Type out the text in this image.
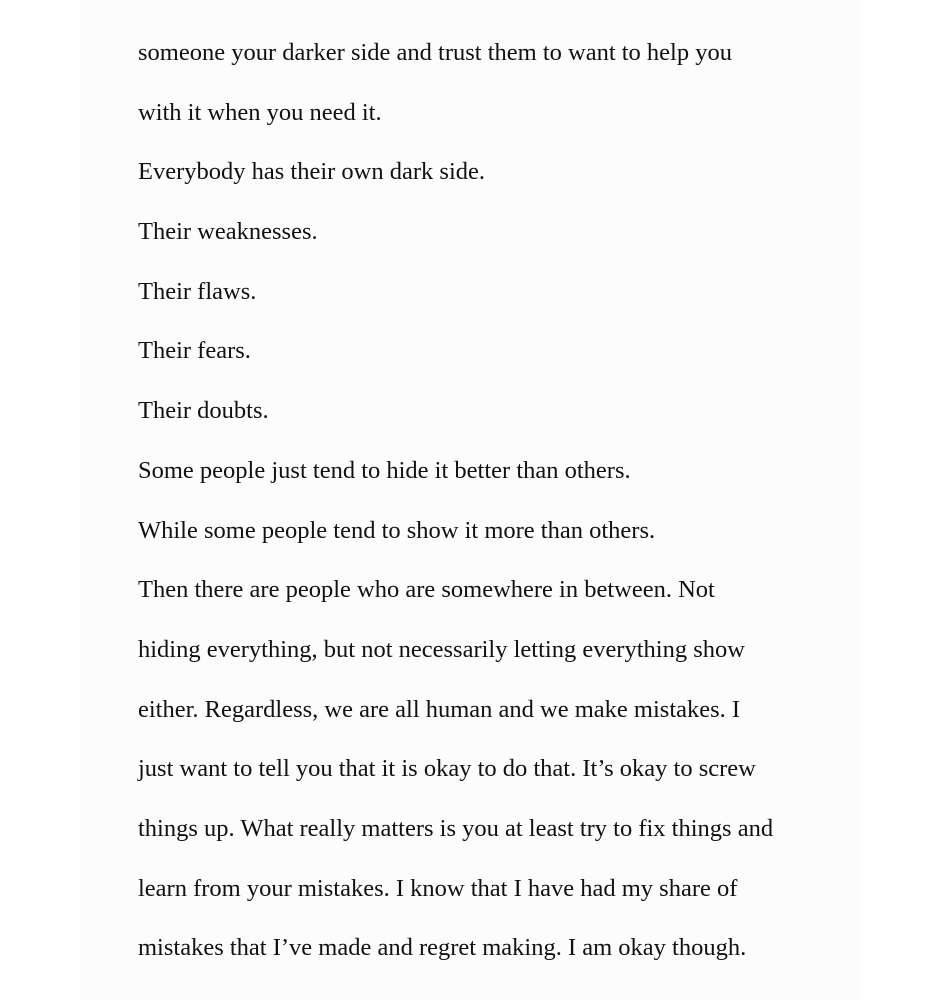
someone your darker side and trust them to want to help you
with it when you need it.
Everybody has their own dark side.
Their weaknesses.
Their flaws.
Their fears.
Their doubts.
Some people just tend to hide it better than others.
While some people tend to show it more than others.
Then there are people who are somewhere in between. Not
hiding everything, but not necessarily letting everything show
either. Regardless, we are all human and we make mistakes. I
just want to tell you that it is okay to do that. It’s okay to screw
things up. What really matters is you at least try to fix things and
learn from your mistakes. I know that I have had my share of
mistakes that I’ve made and regret making. I am okay though.
